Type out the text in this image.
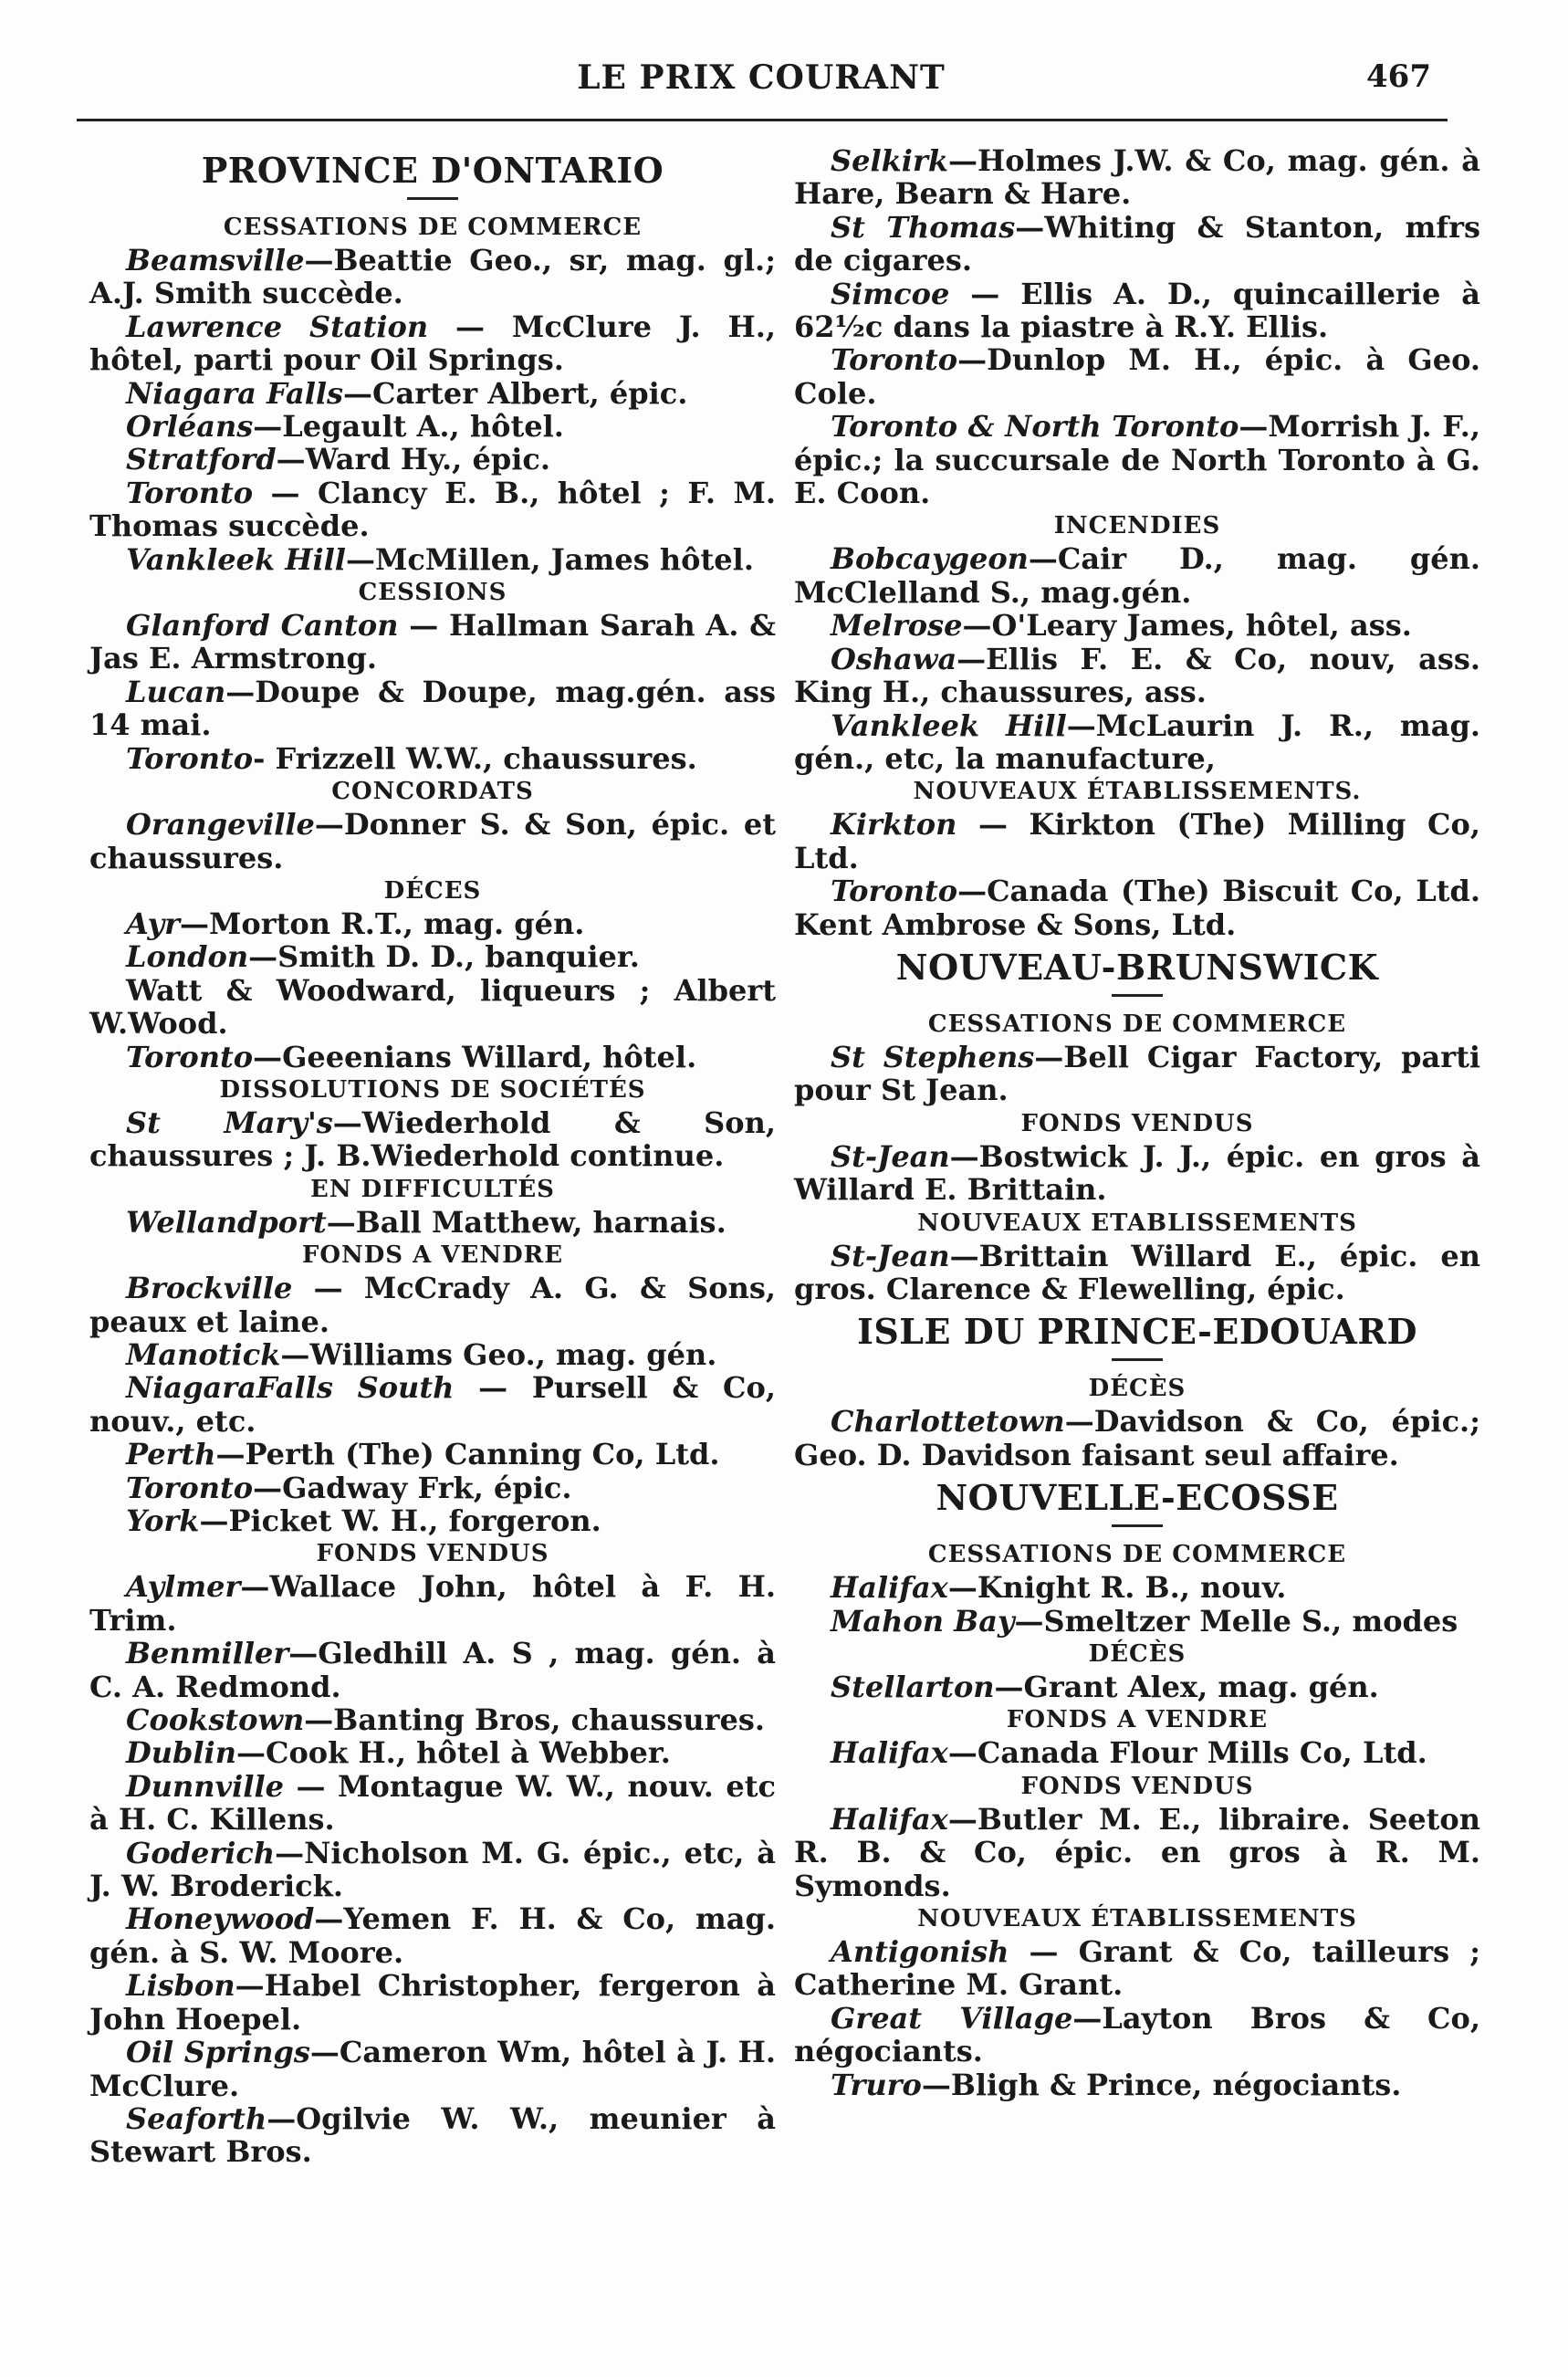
LE PRIX COURANT	467
PROVINCE D'ONTARIO
CESSATIONS DE COMMERCE

Beamsville—Beattie Geo., sr, mag. gl.; A.J. Smith succède.

Lawrence Station — McClure J. H., hôtel, parti pour Oil Springs.

Niagara Falls—Carter Albert, épic.

Orléans—Legault A., hôtel.

Stratford—Ward Hy., épic.

Toronto — Clancy E. B., hôtel ; F. M. Thomas succède.

Vankleek Hill—McMillen, James hôtel.

CESSIONS

Glanford Canton — Hallman Sarah A. & Jas E. Armstrong.

Lucan—Doupe & Doupe, mag.gén. ass 14 mai.

Toronto- Frizzell W.W., chaussures.

CONCORDATS

Orangeville—Donner S. & Son, épic. et chaussures.

DÉCES

Ayr—Morton R.T., mag. gén.

London—Smith D. D., banquier.

Watt & Woodward, liqueurs ; Albert W.Wood.

Toronto—Geeenians Willard, hôtel.

DISSOLUTIONS DE SOCIÉTÉS

St Mary's—Wiederhold & Son, chaussures ; J. B.Wiederhold continue.

EN DIFFICULTÉS

Wellandport—Ball Matthew, harnais.

FONDS A VENDRE

Brockville — McCrady A. G. & Sons, peaux et laine.

Manotick—Williams Geo., mag. gén.

NiagaraFalls South — Pursell & Co, nouv., etc.

Perth—Perth (The) Canning Co, Ltd.

Toronto—Gadway Frk, épic.

York—Picket W. H., forgeron.

FONDS VENDUS

Aylmer—Wallace John, hôtel à F. H. Trim.

Benmiller—Gledhill A. S , mag. gén. à C. A. Redmond.

Cookstown—Banting Bros, chaussures.

Dublin—Cook H., hôtel à Webber.

Dunnville — Montague W. W., nouv. etc à H. C. Killens.

Goderich—Nicholson M. G. épic., etc, à J. W. Broderick.

Honeywood—Yemen F. H. & Co, mag. gén. à S. W. Moore.

Lisbon—Habel Christopher, fergeron à John Hoepel.

Oil Springs—Cameron Wm, hôtel à J. H. McClure.

Seaforth—Ogilvie W. W., meunier à Stewart Bros.

Selkirk—Holmes J.W. & Co, mag. gén. à Hare, Bearn & Hare.

St Thomas—Whiting & Stanton, mfrs de cigares.

Simcoe — Ellis A. D., quincaillerie à 62½c dans la piastre à R.Y. Ellis.

Toronto—Dunlop M. H., épic. à Geo. Cole.

Toronto & North Toronto—Morrish J. F., épic.; la succursale de North Toronto à G. E. Coon.

INCENDIES

Bobcaygeon—Cair D., mag. gén. McClelland S., mag.gén.

Melrose—O'Leary James, hôtel, ass.

Oshawa—Ellis F. E. & Co, nouv, ass. King H., chaussures, ass.

Vankleek Hill—McLaurin J. R., mag. gén., etc, la manufacture,

NOUVEAUX ÉTABLISSEMENTS.

Kirkton — Kirkton (The) Milling Co, Ltd.

Toronto—Canada (The) Biscuit Co, Ltd. Kent Ambrose & Sons, Ltd.

NOUVEAU-BRUNSWICK
CESSATIONS DE COMMERCE

St Stephens—Bell Cigar Factory, parti pour St Jean.

FONDS VENDUS

St-Jean—Bostwick J. J., épic. en gros à Willard E. Brittain.

NOUVEAUX ETABLISSEMENTS

St-Jean—Brittain Willard E., épic. en gros. Clarence & Flewelling, épic.

ISLE DU PRINCE-EDOUARD
DÉCÈS

Charlottetown—Davidson & Co, épic.; Geo. D. Davidson faisant seul affaire.

NOUVELLE-ECOSSE
CESSATIONS DE COMMERCE

Halifax—Knight R. B., nouv.

Mahon Bay—Smeltzer Melle S., modes

DÉCÈS

Stellarton—Grant Alex, mag. gén.

FONDS A VENDRE

Halifax—Canada Flour Mills Co, Ltd.

FONDS VENDUS

Halifax—Butler M. E., libraire. Seeton R. B. & Co, épic. en gros à R. M. Symonds.

NOUVEAUX ÉTABLISSEMENTS

Antigonish — Grant & Co, tailleurs ; Catherine M. Grant.

Great Village—Layton Bros & Co, négociants.

Truro—Bligh & Prince, négociants.
